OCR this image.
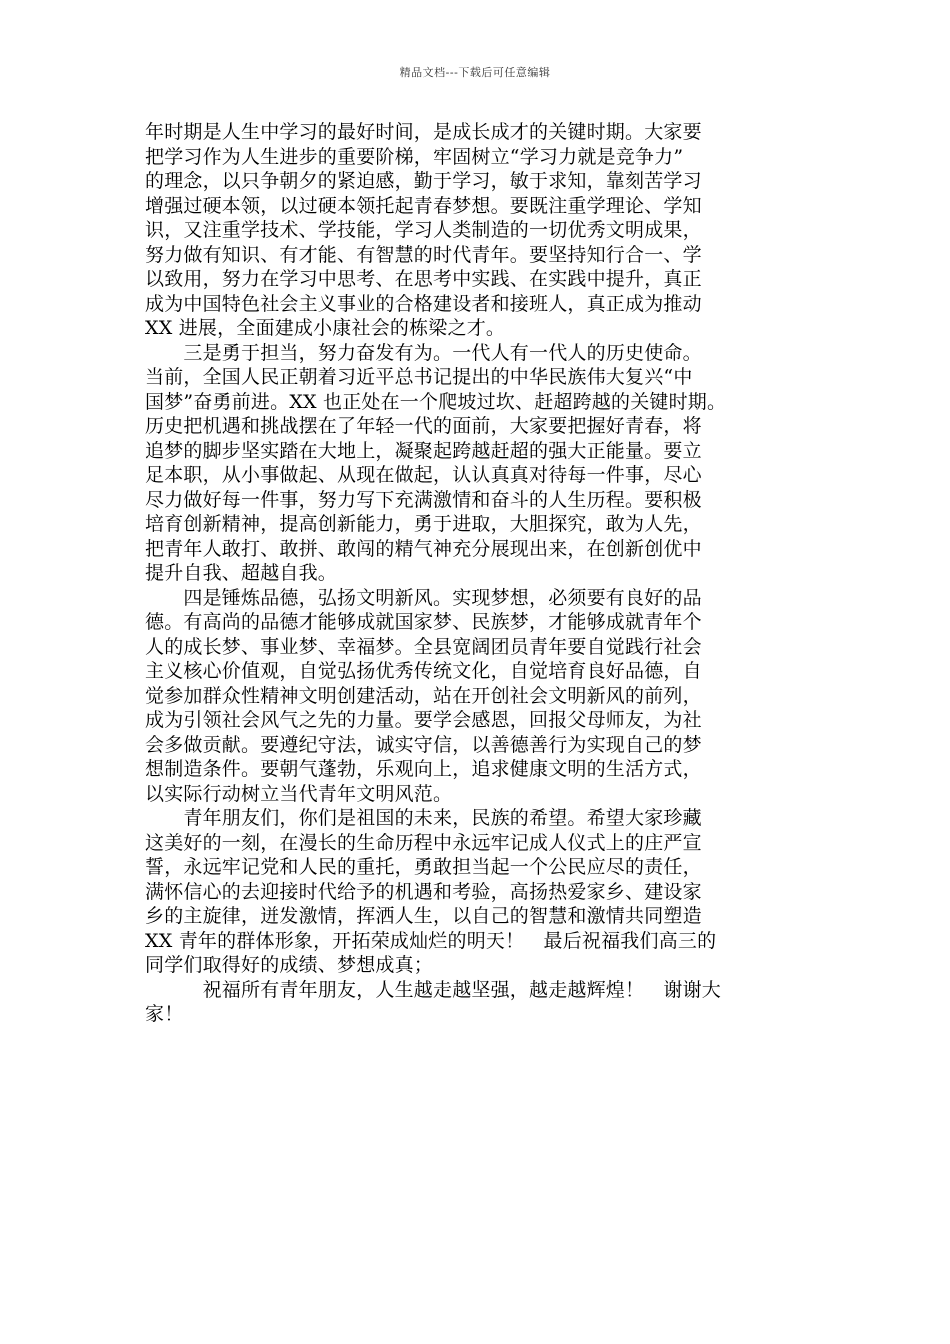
精品文档---下载后可任意编辑
年时期是人生中学习的最好时间，是成长成才的关键时期。大家要
把学习作为人生进步的重要阶梯，牢固树立“学习力就是竞争力”
的理念，以只争朝夕的紧迫感，勤于学习，敏于求知，靠刻苦学习
增强过硬本领，以过硬本领托起青春梦想。要既注重学理论、学知
识，又注重学技术、学技能，学习人类制造的一切优秀文明成果，
努力做有知识、有才能、有智慧的时代青年。要坚持知行合一、学
以致用，努力在学习中思考、在思考中实践、在实践中提升，真正
成为中国特色社会主义事业的合格建设者和接班人，真正成为推动
XX 进展，全面建成小康社会的栋梁之才。
　　三是勇于担当，努力奋发有为。一代人有一代人的历史使命。
当前，全国人民正朝着习近平总书记提出的中华民族伟大复兴“中
国梦”奋勇前进。XX 也正处在一个爬坡过坎、赶超跨越的关键时期。
历史把机遇和挑战摆在了年轻一代的面前，大家要把握好青春，将
追梦的脚步坚实踏在大地上，凝聚起跨越赶超的强大正能量。要立
足本职，从小事做起、从现在做起，认认真真对待每一件事，尽心
尽力做好每一件事，努力写下充满激情和奋斗的人生历程。要积极
培育创新精神，提高创新能力，勇于进取，大胆探究，敢为人先，
把青年人敢打、敢拼、敢闯的精气神充分展现出来，在创新创优中
提升自我、超越自我。
　　四是锤炼品德，弘扬文明新风。实现梦想，必须要有良好的品
德。有高尚的品德才能够成就国家梦、民族梦，才能够成就青年个
人的成长梦、事业梦、幸福梦。全县宽阔团员青年要自觉践行社会
主义核心价值观，自觉弘扬优秀传统文化，自觉培育良好品德，自
觉参加群众性精神文明创建活动，站在开创社会文明新风的前列，
成为引领社会风气之先的力量。要学会感恩，回报父母师友，为社
会多做贡献。要遵纪守法，诚实守信，以善德善行为实现自己的梦
想制造条件。要朝气蓬勃，乐观向上，追求健康文明的生活方式，
以实际行动树立当代青年文明风范。
　　青年朋友们，你们是祖国的未来，民族的希望。希望大家珍藏
这美好的一刻，在漫长的生命历程中永远牢记成人仪式上的庄严宣
誓，永远牢记党和人民的重托，勇敢担当起一个公民应尽的责任，
满怀信心的去迎接时代给予的机遇和考验，高扬热爱家乡、建设家
乡的主旋律，迸发激情，挥洒人生，以自己的智慧和激情共同塑造
XX 青年的群体形象，开拓荣成灿烂的明天！　最后祝福我们高三的
同学们取得好的成绩、梦想成真；
　　　祝福所有青年朋友，人生越走越坚强，越走越辉煌！　谢谢大
家！
